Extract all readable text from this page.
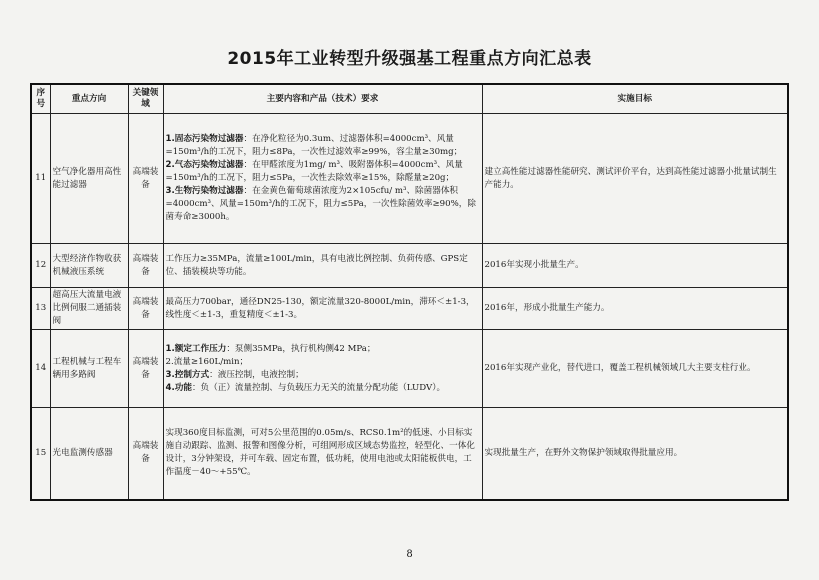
2015年工业转型升级强基工程重点方向汇总表
序号	重点方向	关键领域	主要内容和产品（技术）要求	实施目标
11	空气净化器用高性能过滤器	高端装备	1.固态污染物过滤器：在净化粒径为0.3um、过滤器体积=4000cm³、风量=150m³/h的工况下，阻力≤8Pa，一次性过滤效率≥99%，容尘量≥30mg；
2.气态污染物过滤器：在甲醛浓度为1mg/ m³、吸附器体积=4000cm³、风量=150m³/h的工况下，阻力≤5Pa，一次性去除效率≥15%，除醛量≥20g；
3.生物污染物过滤器：在金黄色葡萄球菌浓度为2×105cfu/ m³、除菌器体积=4000cm³、风量=150m³/h的工况下，阻力≤5Pa，一次性除菌效率≥90%，除菌寿命≥3000h。	建立高性能过滤器性能研究、测试评价平台，达到高性能过滤器小批量试制生产能力。
12	大型经济作物收获机械液压系统	高端装备	工作压力≥35MPa，流量≥100L/min，具有电液比例控制、负荷传感、GPS定位、插装模块等功能。	2016年实现小批量生产。
13	超高压大流量电液比例伺服二通插装阀	高端装备	最高压力700bar，通径DN25-130，额定流量320-8000L/min，滞环＜±1-3，线性度＜±1-3，重复精度＜±1-3。	2016年，形成小批量生产能力。
14	工程机械与工程车辆用多路阀	高端装备	1.额定工作压力：泵侧35MPa，执行机构侧42 MPa；
2.流量≥160L/min；
3.控制方式：液压控制，电液控制；
4.功能：负（正）流量控制、与负载压力无关的流量分配功能（LUDV）。	2016年实现产业化，替代进口，覆盖工程机械领域几大主要支柱行业。
15	光电监测传感器	高端装备	实现360度目标监测，可对5公里范围的0.05m/s、RCS0.1m²的低速、小目标实施自动跟踪、监测、报警和图像分析，可组网形成区域态势监控，轻型化、一体化设计，3分钟架设，并可车载、固定布置，低功耗，使用电池或太阳能板供电，工作温度－40～+55℃。	实现批量生产，在野外文物保护领域取得批量应用。
8
